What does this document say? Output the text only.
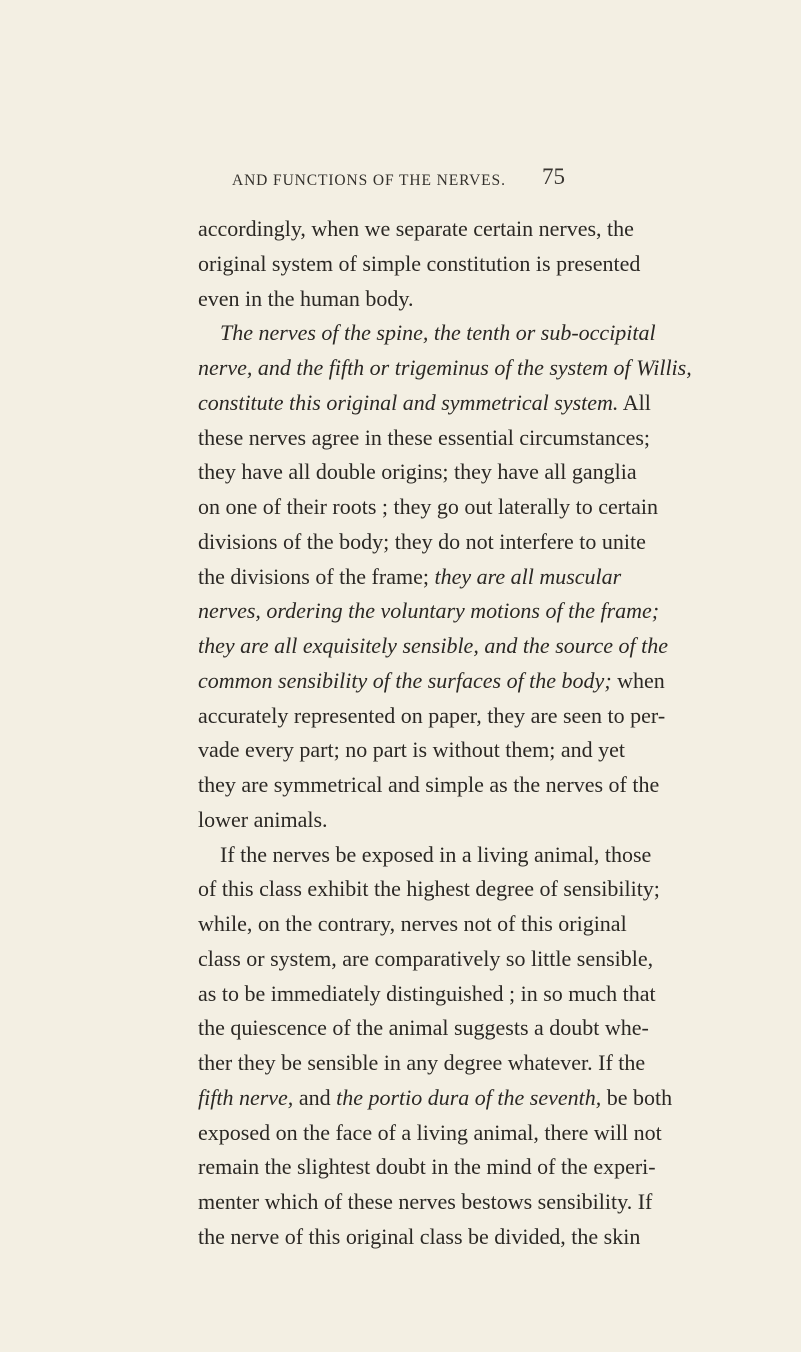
AND FUNCTIONS OF THE NERVES. 75
accordingly, when we separate certain nerves, the
original system of simple constitution is presented
even in the human body.
The nerves of the spine, the tenth or sub-occipital
nerve, and the fifth or trigeminus of the system of Willis,
constitute this original and symmetrical system. All
these nerves agree in these essential circumstances;
they have all double origins; they have all ganglia
on one of their roots ; they go out laterally to certain
divisions of the body; they do not interfere to unite
the divisions of the frame; they are all muscular
nerves, ordering the voluntary motions of the frame;
they are all exquisitely sensible, and the source of the
common sensibility of the surfaces of the body; when
accurately represented on paper, they are seen to per-
vade every part; no part is without them; and yet
they are symmetrical and simple as the nerves of the
lower animals.
If the nerves be exposed in a living animal, those
of this class exhibit the highest degree of sensibility;
while, on the contrary, nerves not of this original
class or system, are comparatively so little sensible,
as to be immediately distinguished ; in so much that
the quiescence of the animal suggests a doubt whe-
ther they be sensible in any degree whatever. If the
fifth nerve, and the portio dura of the seventh, be both
exposed on the face of a living animal, there will not
remain the slightest doubt in the mind of the experi-
menter which of these nerves bestows sensibility. If
the nerve of this original class be divided, the skin
